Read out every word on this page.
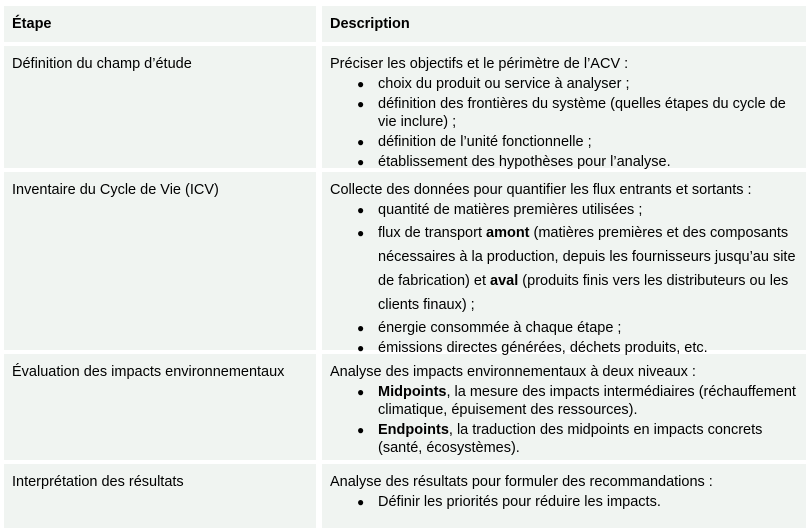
Étape	Description
Définition du champ d’étude	Préciser les objectifs et le périmètre de l’ACV :
● choix du produit ou service à analyser ;
● définition des frontières du système (quelles étapes du cycle de vie inclure) ;
● définition de l’unité fonctionnelle ;
● établissement des hypothèses pour l’analyse.
Inventaire du Cycle de Vie (ICV)	Collecte des données pour quantifier les flux entrants et sortants :
● quantité de matières premières utilisées ;
● flux de transport amont (matières premières et des composants nécessaires à la production, depuis les fournisseurs jusqu’au site de fabrication) et aval (produits finis vers les distributeurs ou les clients finaux) ;
● énergie consommée à chaque étape ;
● émissions directes générées, déchets produits, etc.
Évaluation des impacts environnementaux	Analyse des impacts environnementaux à deux niveaux :
● Midpoints, la mesure des impacts intermédiaires (réchauffement climatique, épuisement des ressources).
● Endpoints, la traduction des midpoints en impacts concrets (santé, écosystèmes).
Interprétation des résultats	Analyse des résultats pour formuler des recommandations :
● Définir les priorités pour réduire les impacts.
